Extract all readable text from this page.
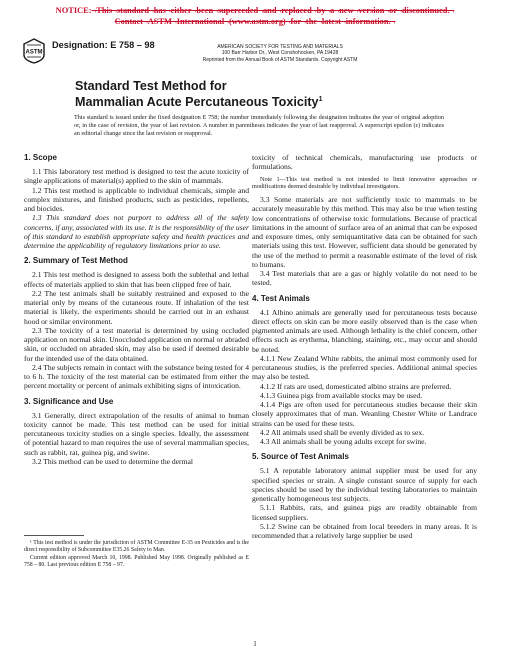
NOTICE:¬This¬standard¬has¬either¬been¬superceded¬and¬replaced¬by¬a¬new¬version¬or¬discontinued.¬
Contact¬ASTM¬International¬(www.astm.org)¬for¬the¬latest¬information.¬
ASTM
Designation: E 758 – 98	AMERICAN SOCIETY FOR TESTING AND MATERIALS
100 Barr Harbor Dr., West Conshohocken, PA 19428
Reprinted from the Annual Book of ASTM Standards. Copyright ASTM
Standard Test Method for
Mammalian Acute Percutaneous Toxicity$^1$
This standard is issued under the fixed designation E 758; the number immediately following the designation indicates the year of original adoption or, in the case of revision, the year of last revision. A number in parentheses indicates the year of last reapproval. A superscript epsilon (ε) indicates an editorial change since the last revision or reapproval.
1. Scope

1.1 This laboratory test method is designed to test the acute toxicity of single applications of material(s) applied to the skin of mammals.

1.2 This test method is applicable to individual chemicals, simple and complex mixtures, and finished products, such as pesticides, repellents, and biocides.

1.3 This standard does not purport to address all of the safety concerns, if any, associated with its use. It is the responsibility of the user of this standard to establish appropriate safety and health practices and determine the applicability of regulatory limitations prior to use.

2. Summary of Test Method

2.1 This test method is designed to assess both the sublethal and lethal effects of materials applied to skin that has been clipped free of hair.

2.2 The test animals shall be suitably restrained and exposed to the material only by means of the cutaneous route. If inhalation of the test material is likely, the experiments should be carried out in an exhaust hood or similar environment.

2.3 The toxicity of a test material is determined by using occluded application on normal skin. Unoccluded application on normal or abraded skin, or occluded on abraded skin, may also be used if deemed desirable for the intended use of the data obtained.

2.4 The subjects remain in contact with the substance being tested for 4 to 6 h. The toxicity of the test material can be estimated from either the percent mortality or percent of animals exhibiting signs of intoxication.

3. Significance and Use

3.1 Generally, direct extrapolation of the results of animal to human toxicity cannot be made. This test method can be used for initial percutaneous toxicity studies on a single species. Ideally, the assessment of potential hazard to man requires the use of several mammalian species, such as rabbit, rat, guinea pig, and swine.

3.2 This method can be used to determine the dermal

toxicity of technical chemicals, manufacturing use products or formulations.

Note 1—This test method is not intended to limit innovative approaches or modifications deemed desirable by individual investigators.

3.3 Some materials are not sufficiently toxic to mammals to be accurately measurable by this method. This may also be true when testing low concentrations of otherwise toxic formulations. Because of practical limitations in the amount of surface area of an animal that can be exposed and exposure times, only semiquantitative data can be obtained for such materials using this test. However, sufficient data should be generated by the use of the method to permit a reasonable estimate of the level of risk to humans.

3.4 Test materials that are a gas or highly volatile do not need to be tested.

4. Test Animals

4.1 Albino animals are generally used for percutaneous tests because direct effects on skin can be more easily observed than is the case when pigmented animals are used. Although lethality is the chief concern, other effects such as erythema, blanching, staining, etc., may occur and should be noted.

4.1.1 New Zealand White rabbits, the animal most commonly used for percutaneous studies, is the preferred species. Additional animal species may also be tested.

4.1.2 If rats are used, domesticated albino strains are preferred.

4.1.3 Guinea pigs from available stocks may be used.

4.1.4 Pigs are often used for percutaneous studies because their skin closely approximates that of man. Weanling Chester White or Landrace strains can be used for these tests.

4.2 All animals used shall be evenly divided as to sex.

4.3 All animals shall be young adults except for swine.

5. Source of Test Animals

5.1 A reputable laboratory animal supplier must be used for any specified species or strain. A single constant source of supply for each species should be used by the individual testing laboratories to maintain genetically homogeneous test subjects.

5.1.1 Rabbits, rats, and guinea pigs are readily obtainable from licensed suppliers.

5.1.2 Swine can be obtained from local breeders in many areas. It is recommended that a relatively large supplier be used

¹ This test method is under the jurisdiction of ASTM Committee E-35 on Pesticides and is the direct responsibility of Subcommittee E35.26 Safety to Man.

Current edition approved March 10, 1998. Published May 1998. Originally published as E 758 – 80. Last previous edition E 758 – 97.

1
